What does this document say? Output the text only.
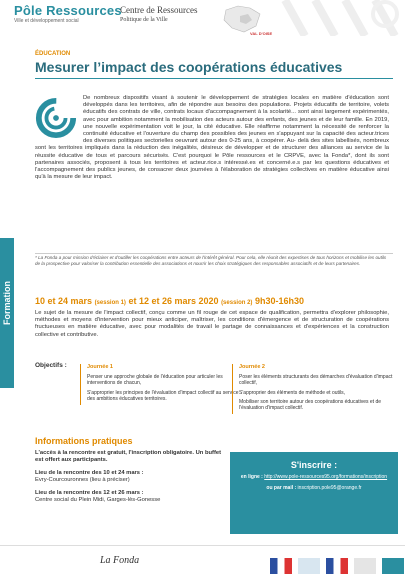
Pôle Ressources
Ville et développement social
Centre de Ressources
Politique de la Ville
VAL D'OISE
Formation
ÉDUCATION
Mesurer l’impact des coopérations éducatives
De nombreux dispositifs visant à soutenir le développement de stratégies locales en matière d'éducation sont développés dans les territoires, afin de répondre aux besoins des populations. Projets éducatifs de territoire, volets éducatifs des contrats de ville, contrats locaux d'accompagnement à la scolarité... sont ainsi largement expérimentés, avec pour ambition notamment la mobilisation des acteurs autour des enfants, des jeunes et de leur famille. En 2019, une nouvelle expérimentation voit le jour, la cité éducative. Elle réaffirme notamment la nécessité de renforcer la continuité éducative et l'ouverture du champ des possibles des jeunes en s'appuyant sur la capacité des acteur.trices des diverses politiques sectorielles oeuvrant autour des 0-25 ans, à coopérer. Au- delà des sites labellisés, nombreux sont les territoires impliqués dans la réduction des inégalités, désireux de développer et de structurer des alliances au service de la réussite éducative de tous et parcours sécurisés. C'est pourquoi le Pôle ressources et le CRPVE, avec la Fonda*, dont ils sont partenaires associés, proposent à tous les territoires et acteur.rice.s intéressé.es et concerné.e.s par les questions éducatives et l'accompagnement des publics jeunes, de consacrer deux journées à l'élaboration de stratégies collectives en matière éducative ainsi qu'à la mesure de leur impact.
* La Fonda a pour mission d'éclairer et d'outiller les coopérations entre acteurs de l'intérêt général. Pour cela, elle réunit des expertises de tous horizons et mobilise les outils de la prospective pour valoriser la contribution essentielle des associations et nourrir les choix stratégiques des responsables associatifs et de leurs partenaires.
10 et 24 mars (session 1) et 12 et 26 mars 2020 (session 2) 9h30-16h30
Le sujet de la mesure de l'impact collectif, conçu comme un fil rouge de cet espace de qualification, permettra d'explorer philosophie, méthodes et moyens d'intervention pour mieux anticiper, maîtriser, les conditions d'émergence et de structuration de coopérations fructueuses en matière éducative, avec pour modalités de travail le partage de connaissances et d'expériences et la construction collective et contributive.
Objectifs :	Journée 1

Penser une approche globale de l'éducation pour articuler les interventions de chacun,

S'approprier les principes de l'évaluation d'impact collectif au service des ambitions éducatives territoires.

Journée 2

Poser les éléments structurants des démarches d'évaluation d'impact collectif,

S'approprier des éléments de méthode et outils,

Mobiliser son territoire autour des coopérations éducatives et de l'évaluation d'impact collectif.

Informations pratiques

L'accès à la rencontre est gratuit, l'inscription obligatoire. Un buffet est offert aux participants.

Lieu de la rencontre des 10 et 24 mars :
Evry-Courcouronnes (lieu à préciser)

Lieu de la rencontre des 12 et 26 mars :
Centre social du Plein Midi, Garges-lès-Gonesse

S'inscrire :
en ligne : http://www.pole-ressources95.org/formations/inscription
ou par mail : inscription.pole95@orange.fr
La Fonda
